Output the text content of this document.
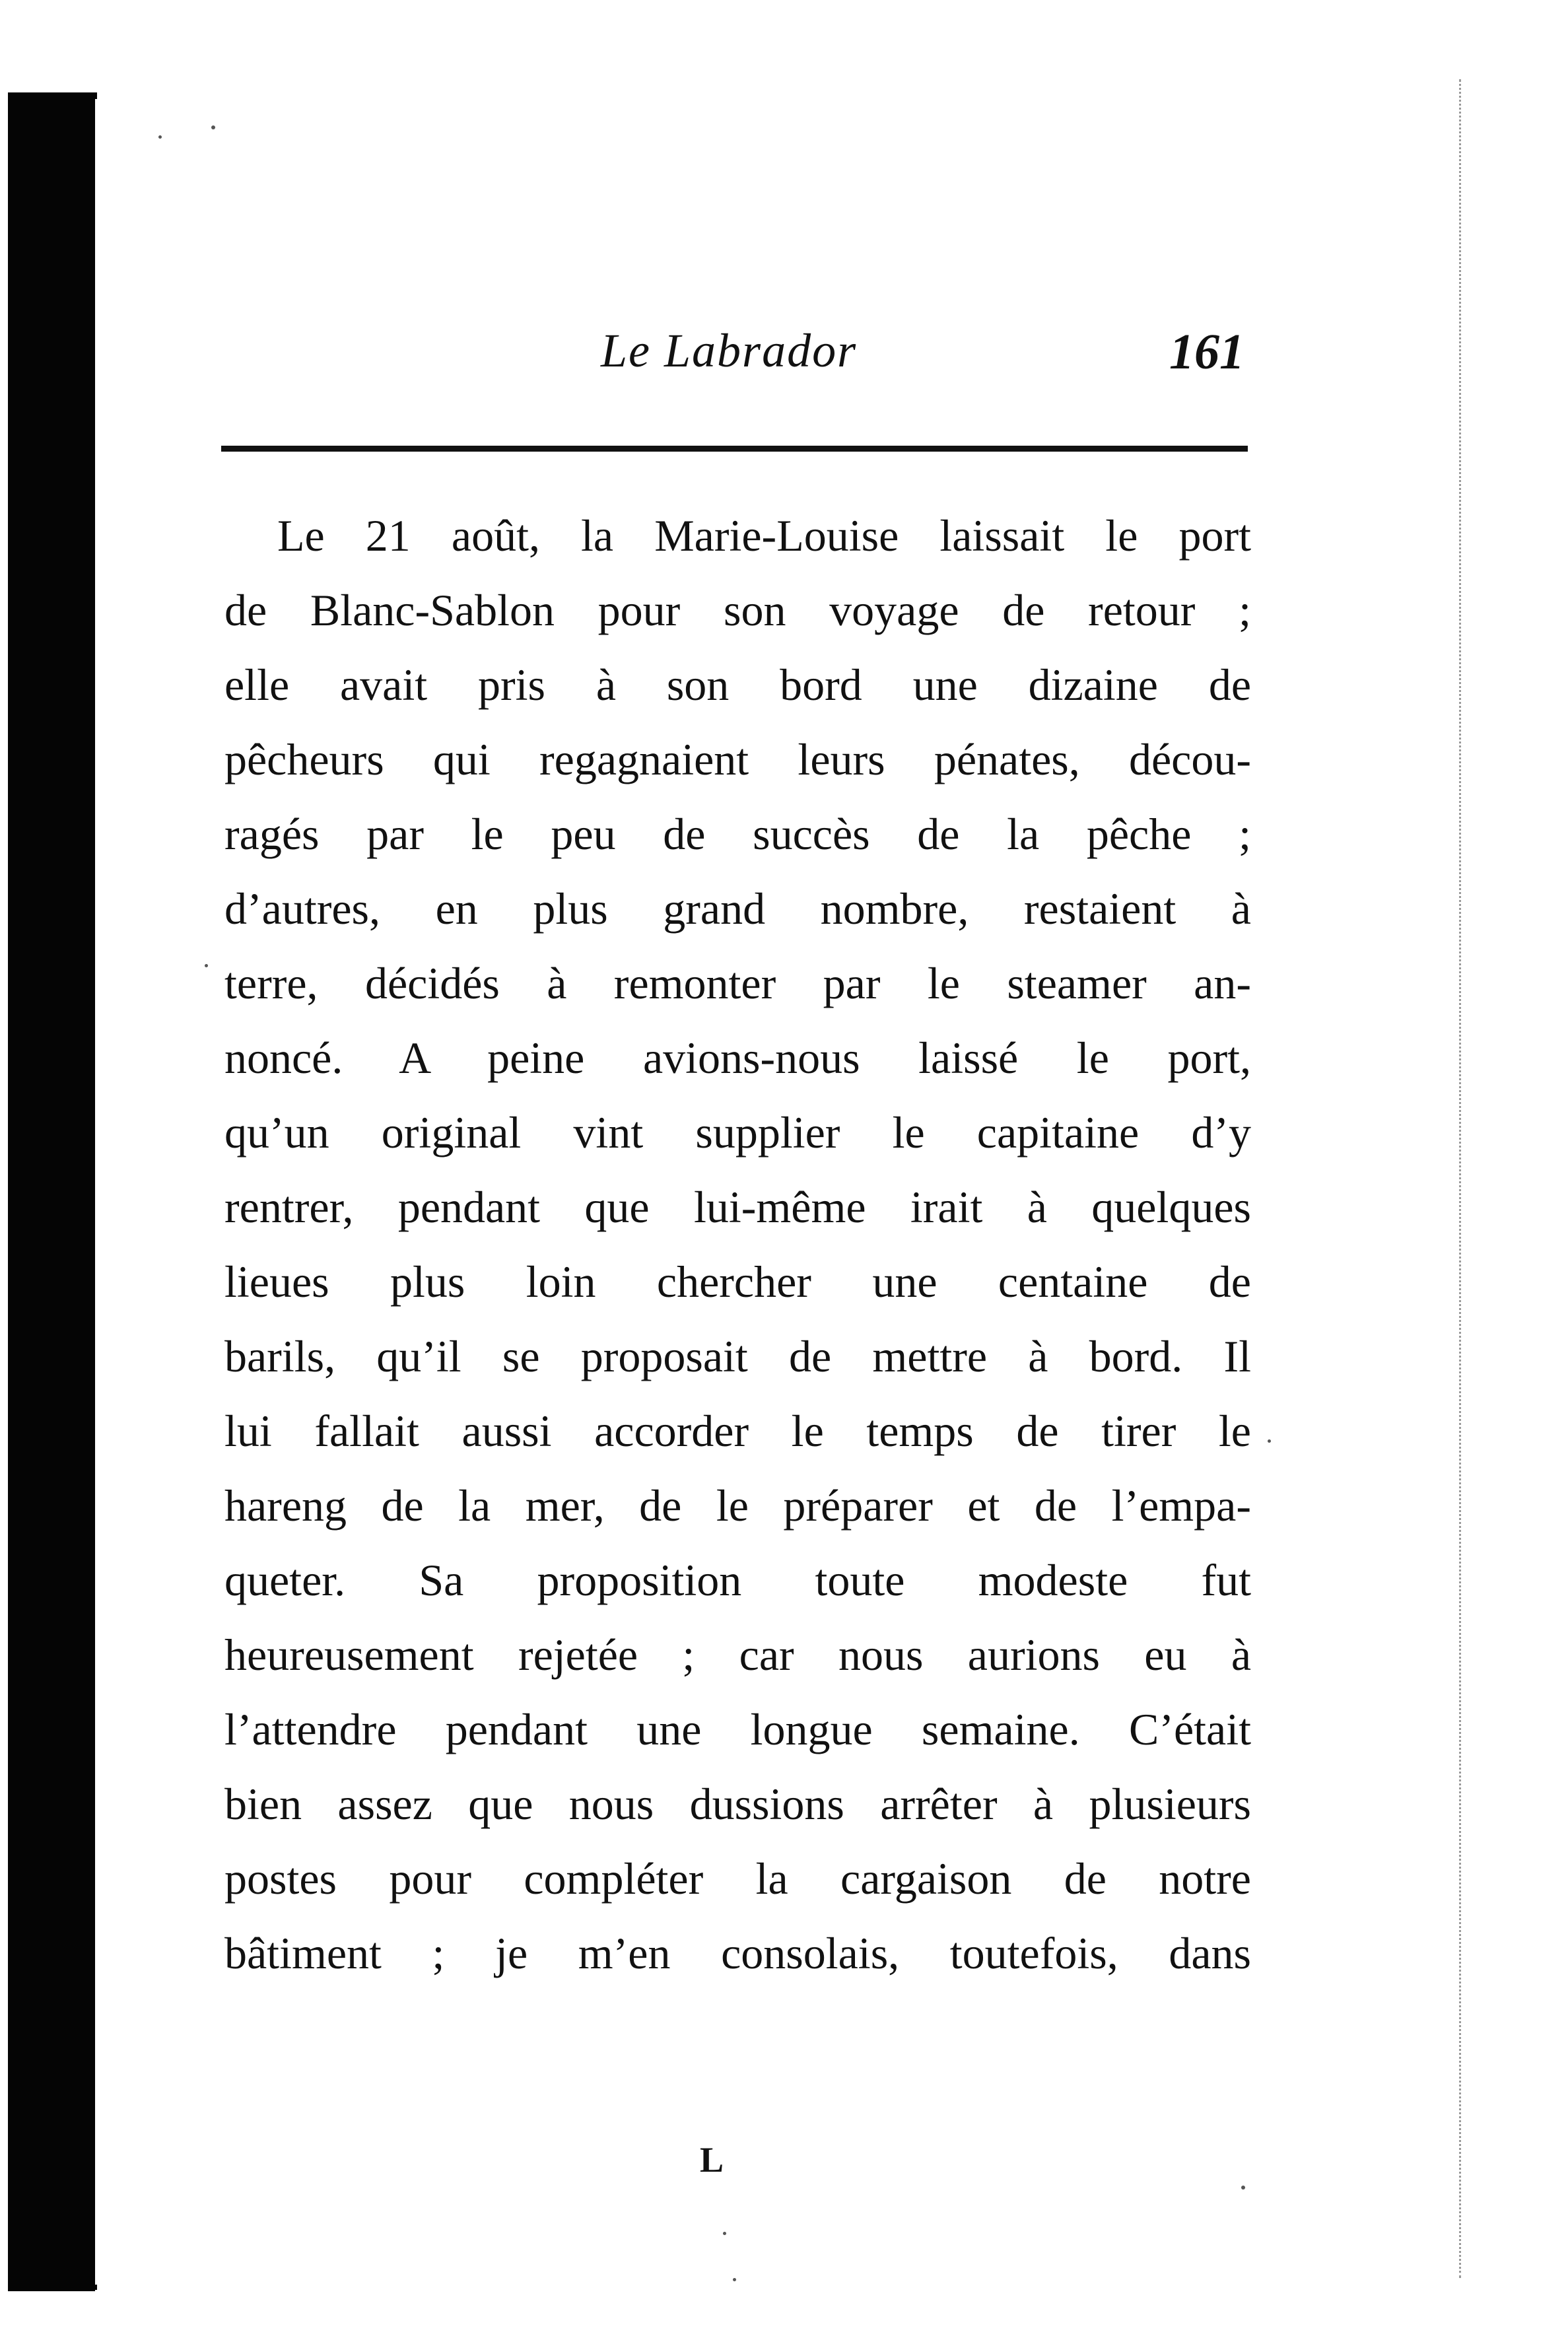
Le Labrador	161
Le 21 août, la Marie-Louise laissait le port
de Blanc-Sablon pour son voyage de retour ;
elle avait pris à son bord une dizaine de
pêcheurs qui regagnaient leurs pénates, décou-
ragés par le peu de succès de la pêche ;
d’autres, en plus grand nombre, restaient à
terre, décidés à remonter par le steamer an-
noncé. A peine avions-nous laissé le port,
qu’un original vint supplier le capitaine d’y
rentrer, pendant que lui-même irait à quelques
lieues plus loin chercher une centaine de
barils, qu’il se proposait de mettre à bord. Il
lui fallait aussi accorder le temps de tirer le
hareng de la mer, de le préparer et de l’empa-
queter. Sa proposition toute modeste fut
heureusement rejetée ; car nous aurions eu à
l’attendre pendant une longue semaine. C’était
bien assez que nous dussions arrêter à plusieurs
postes pour compléter la cargaison de notre
bâtiment ; je m’en consolais, toutefois, dans
L
